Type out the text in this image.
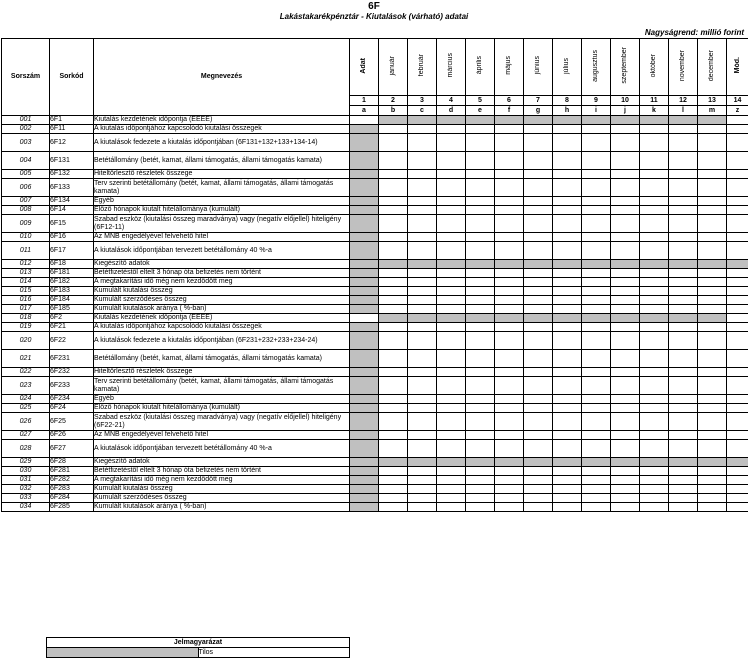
6F
Lakástakarékpénztár - Kiutalások (várható) adatai
Nagyságrend: millió forint
Sorszám	Sorkód	Megnevezés	Adat	január	február	március	április	május	június	július	augusztus	szeptember	október	november	december	Mód.
			1	2	3	4	5	6	7	8	9	10	11	12	13	14
			a	b	c	d	e	f	g	h	i	j	k	l	m	z
001	6F1	Kiutalás kezdetének időpontja (ÉÉÉÉ)														
002	6F11	A kiutalás időpontjához kapcsolódó kiutalási összegek														
003	6F12	A kiutalások fedezete a kiutalás időpontjában (6F131+132+133+134-14)														
004	6F131	Betétállomány (betét, kamat, állami támogatás, állami támogatás kamata)														
005	6F132	Hiteltörlesztő részletek összege														
006	6F133	Terv szerinti betétállomány (betét, kamat, állami támogatás, állami támogatás kamata)														
007	6F134	Egyéb														
008	6F14	Előző hónapok kiutalt hitelállománya (kumulált)														
009	6F15	Szabad eszköz (kiutalási összeg maradványa) vagy (negatív előjellel) hiteligény (6F12-11)														
010	6F16	Az MNB engedélyével felvehető hitel														
011	6F17	A kiutalások időpontjában tervezett betétállomány 40 %-a														
012	6F18	Kiegészítő adatok														
013	6F181	Betétfizetéstől eltelt 3 hónap óta befizetés nem történt														
014	6F182	A megtakarítási idő még nem kezdődött meg														
015	6F183	Kumulált kiutalási összeg														
016	6F184	Kumulált szerződéses összeg														
017	6F185	Kumulált kiutalások aránya ( %-ban)														
018	6F2	Kiutalás kezdetének időpontja (ÉÉÉÉ)														
019	6F21	A kiutalás időpontjához kapcsolódó kiutalási összegek														
020	6F22	A kiutalások fedezete a kiutalás időpontjában (6F231+232+233+234-24)														
021	6F231	Betétállomány (betét, kamat, állami támogatás, állami támogatás kamata)														
022	6F232	Hiteltörlesztő részletek összege														
023	6F233	Terv szerinti betétállomány (betét, kamat, állami támogatás, állami támogatás kamata)														
024	6F234	Egyéb														
025	6F24	Előző hónapok kiutalt hitelállománya (kumulált)														
026	6F25	Szabad eszköz (kiutalási összeg maradványa) vagy (negatív előjellel) hiteligény (6F22-21)														
027	6F26	Az MNB engedélyével felvehető hitel														
028	6F27	A kiutalások időpontjában tervezett betétállomány 40 %-a														
029	6F28	Kiegészítő adatok														
030	6F281	Betétfizetéstől eltelt 3 hónap óta befizetés nem történt														
031	6F282	A megtakarítási idő még nem kezdődött meg														
032	6F283	Kumulált kiutalási összeg														
033	6F284	Kumulált szerződéses összeg														
034	6F285	Kumulált kiutalások aránya ( %-ban)														
Jelmagyarázat
	Tilos
